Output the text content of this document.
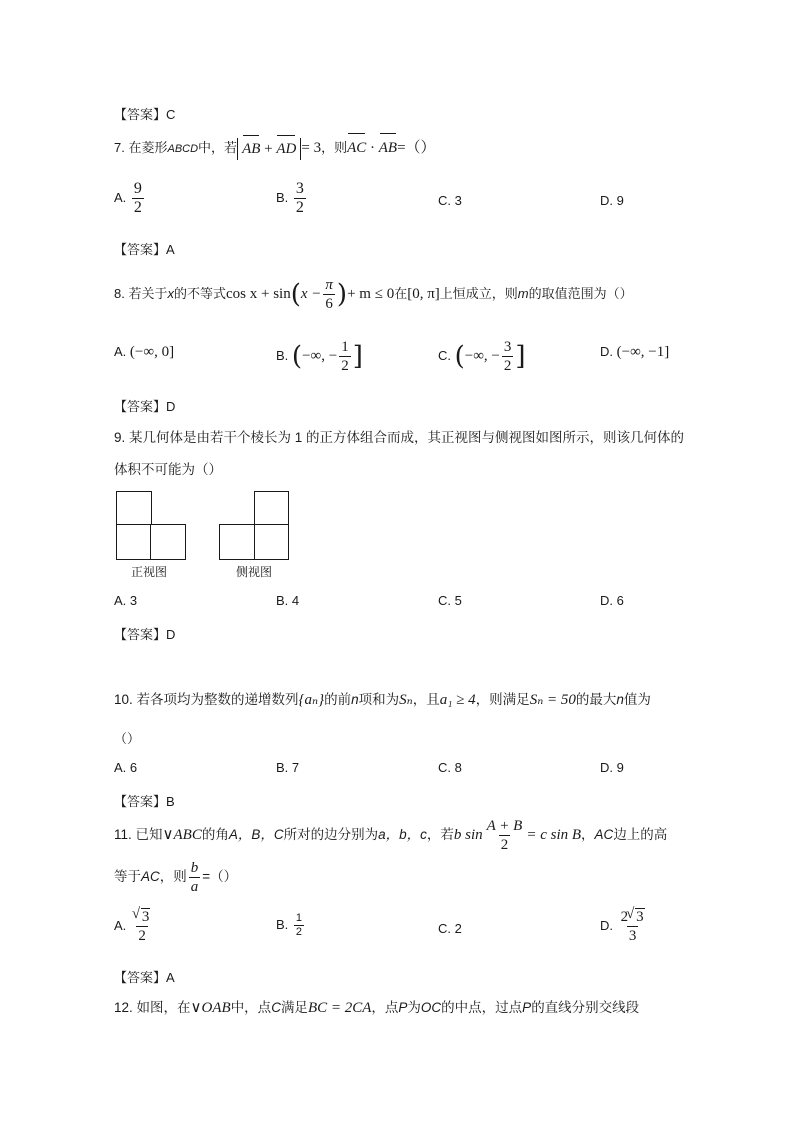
【答案】C
7. 在菱形ABCD中，若 AB + AD = 3，则AC · AB=（）
A. $\frac{9}{2}$	B. $\frac{3}{2}$	C. 3	D. 9
【答案】A
8. 若关于x的不等式$\cos x + \sin(x - \frac{\pi}{6}$ )+ m ≤ 0在[0, π]上恒成立，则m的取值范围为（）
A. (−∞, 0]	B. (−∞, − $\frac{1}{2}$ ]	C. (−∞, − $\frac{3}{2}$ ]	D. (−∞, −1]
【答案】D
9. 某几何体是由若干个棱长为 1 的正方体组合而成，其正视图与侧视图如图所示，则该几何体的
体积不可能为（）
正视图	侧视图
A. 3	B. 4	C. 5	D. 6
【答案】D
10. 若各项均为整数的递增数列{aₙ}的前n项和为Sₙ，且a₁ ≥ 4，则满足Sₙ = 50的最大n值为
（）
A. 6	B. 7	C. 8	D. 9
【答案】B
11. 已知∨ABC的角A，B，C所对的边分别为a，b，c，若b $\sin \frac{A + B}{2} = c$ sin B，AC边上的高
等于AC，则 $\frac{b}{a}$ =（）
A. √ $\frac{3}{2}$	B. $\frac{1}{2}$	C. 2	D. $\frac{2 √ 3}{3}$
【答案】A
12. 如图，在∨OAB中，点C满足BC = 2CA，点P为OC的中点，过点P的直线分别交线段
